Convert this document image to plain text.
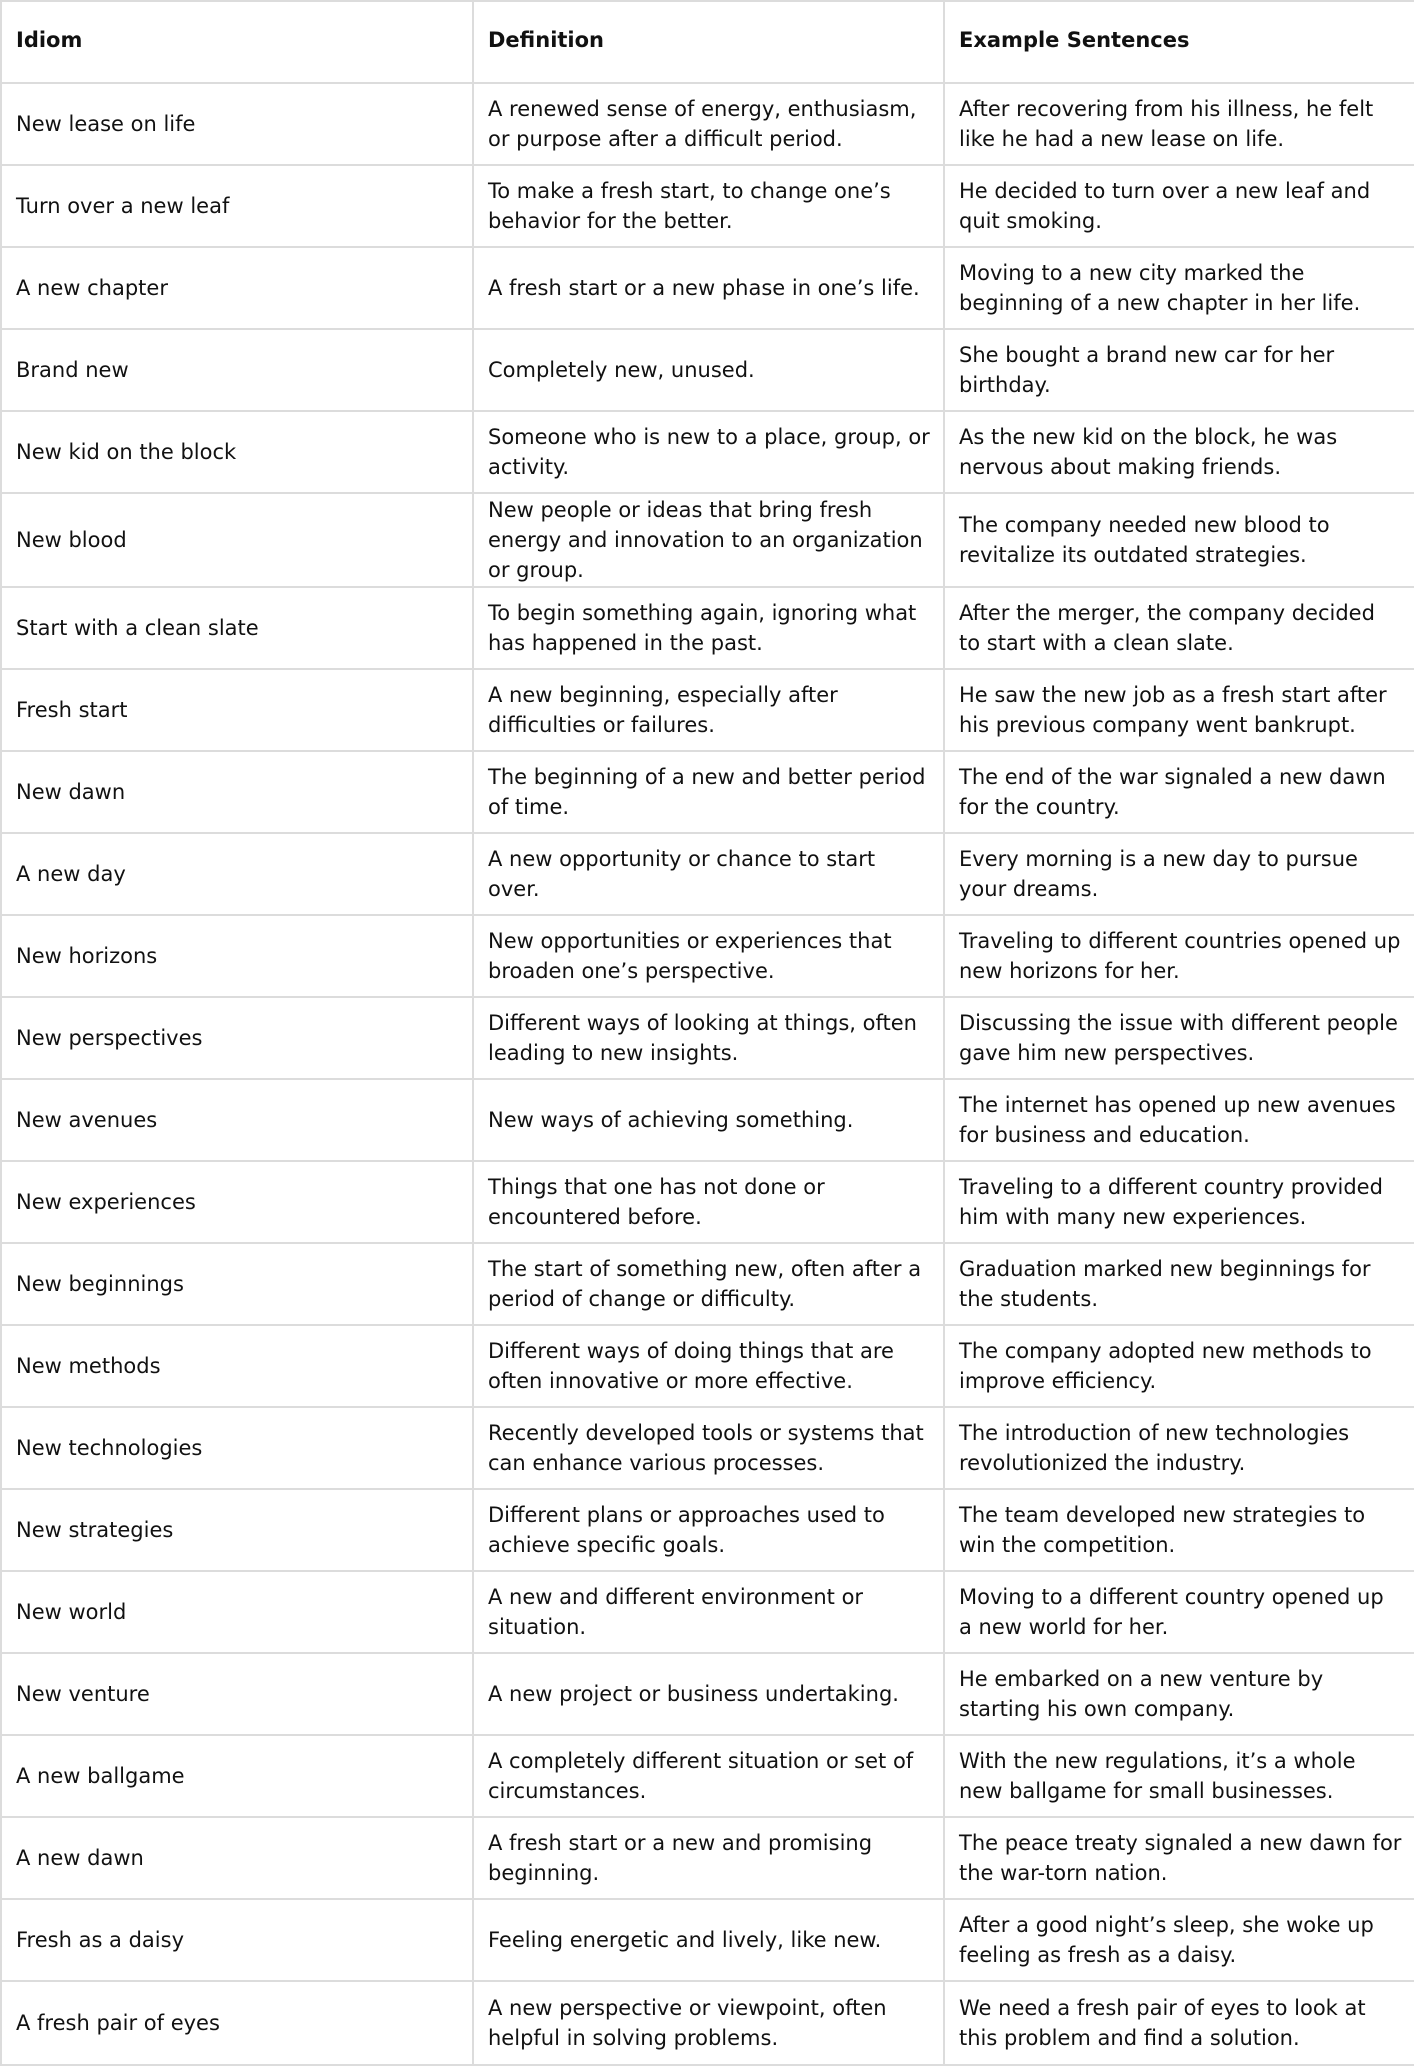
Idiom	Definition	Example Sentences
New lease on life	A renewed sense of energy, enthusiasm, or purpose after a difficult period.	After recovering from his illness, he felt like he had a new lease on life.
Turn over a new leaf	To make a fresh start, to change one’s behavior for the better.	He decided to turn over a new leaf and quit smoking.
A new chapter	A fresh start or a new phase in one’s life.	Moving to a new city marked the beginning of a new chapter in her life.
Brand new	Completely new, unused.	She bought a brand new car for her birthday.
New kid on the block	Someone who is new to a place, group, or activity.	As the new kid on the block, he was nervous about making friends.
New blood	New people or ideas that bring fresh energy and innovation to an organization or group.	The company needed new blood to revitalize its outdated strategies.
Start with a clean slate	To begin something again, ignoring what has happened in the past.	After the merger, the company decided to start with a clean slate.
Fresh start	A new beginning, especially after difficulties or failures.	He saw the new job as a fresh start after his previous company went bankrupt.
New dawn	The beginning of a new and better period of time.	The end of the war signaled a new dawn for the country.
A new day	A new opportunity or chance to start over.	Every morning is a new day to pursue your dreams.
New horizons	New opportunities or experiences that broaden one’s perspective.	Traveling to different countries opened up new horizons for her.
New perspectives	Different ways of looking at things, often leading to new insights.	Discussing the issue with different people gave him new perspectives.
New avenues	New ways of achieving something.	The internet has opened up new avenues for business and education.
New experiences	Things that one has not done or encountered before.	Traveling to a different country provided him with many new experiences.
New beginnings	The start of something new, often after a period of change or difficulty.	Graduation marked new beginnings for the students.
New methods	Different ways of doing things that are often innovative or more effective.	The company adopted new methods to improve efficiency.
New technologies	Recently developed tools or systems that can enhance various processes.	The introduction of new technologies revolutionized the industry.
New strategies	Different plans or approaches used to achieve specific goals.	The team developed new strategies to win the competition.
New world	A new and different environment or situation.	Moving to a different country opened up a new world for her.
New venture	A new project or business undertaking.	He embarked on a new venture by starting his own company.
A new ballgame	A completely different situation or set of circumstances.	With the new regulations, it’s a whole new ballgame for small businesses.
A new dawn	A fresh start or a new and promising beginning.	The peace treaty signaled a new dawn for the war-torn nation.
Fresh as a daisy	Feeling energetic and lively, like new.	After a good night’s sleep, she woke up feeling as fresh as a daisy.
A fresh pair of eyes	A new perspective or viewpoint, often helpful in solving problems.	We need a fresh pair of eyes to look at this problem and find a solution.
